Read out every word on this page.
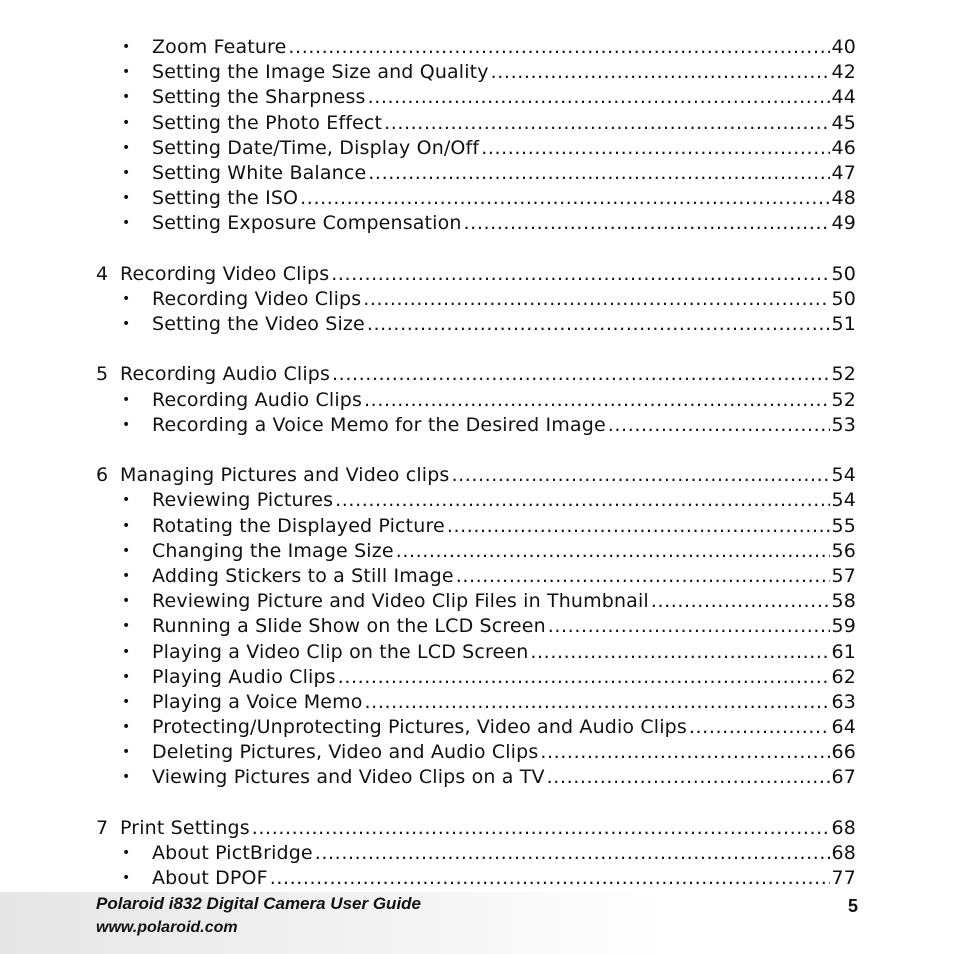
•	Zoom Feature .....	40
•	Setting the Image Size and Quality .....	42
•	Setting the Sharpness .....	44
•	Setting the Photo Effect .....	45
•	Setting Date/Time, Display On/Off .....	46
•	Setting White Balance .....	47
•	Setting the ISO .....	48
•	Setting Exposure Compensation .....	49
4 Recording Video Clips .....	50
•	Recording Video Clips .....	50
•	Setting the Video Size .....	51
5 Recording Audio Clips .....	52
•	Recording Audio Clips .....	52
•	Recording a Voice Memo for the Desired Image .....	53
6 Managing Pictures and Video clips .....	54
•	Reviewing Pictures .....	54
•	Rotating the Displayed Picture .....	55
•	Changing the Image Size .....	56
•	Adding Stickers to a Still Image .....	57
•	Reviewing Picture and Video Clip Files in Thumbnail .....	58
•	Running a Slide Show on the LCD Screen .....	59
•	Playing a Video Clip on the LCD Screen .....	61
•	Playing Audio Clips .....	62
•	Playing a Voice Memo .....	63
•	Protecting/Unprotecting Pictures, Video and Audio Clips .....	64
•	Deleting Pictures, Video and Audio Clips .....	66
•	Viewing Pictures and Video Clips on a TV .....	67
7 Print Settings .....	68
•	About PictBridge .....	68
•	About DPOF .....	77
Polaroid i832 Digital Camera User Guide
www.polaroid.com
5
